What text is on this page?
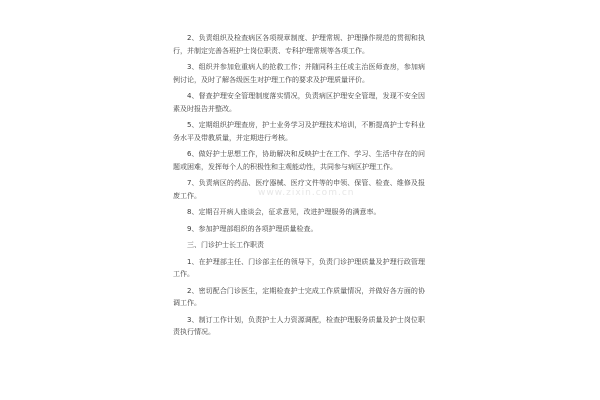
2、负责组织及检查病区各项规章制度、护理常规、护理操作规范的贯彻和执行，并制定完善各班护士岗位职责、专科护理常规等各项工作。

3、组织并参加危重病人的抢救工作；并随同科主任或主治医师查房，参加病例讨论，及时了解各级医生对护理工作的要求及护理质量评价。

4、督查护理安全管理制度落实情况，负责病区护理安全管理，发现不安全因素及时报告并整改。

5、定期组织护理查房，护士业务学习及护理技术培训，不断提高护士专科业务水平及带教质量，并定期进行考核。

6、做好护士思想工作，协助解决和反映护士在工作、学习、生活中存在的问题或困难，发挥每个人的积极性和主观能动性，共同参与病区护理工作。

7、负责病区的药品、医疗器械、医疗文件等的申领、保管、检查、维修及报废工作。

8、定期召开病人座谈会，征求意见，改进护理服务的满意率。

9、参加护理部组织的各项护理质量检查。

三、门诊护士长工作职责

1、在护理部主任、门诊部主任的领导下，负责门诊护理质量及护理行政管理工作。

2、密切配合门诊医生，定期检查护士完成工作质量情况，并做好各方面的协调工作。

3、制订工作计划，负责护士人力资源调配，检查护理服务质量及护士岗位职责执行情况。

www.zixin.com.cn
